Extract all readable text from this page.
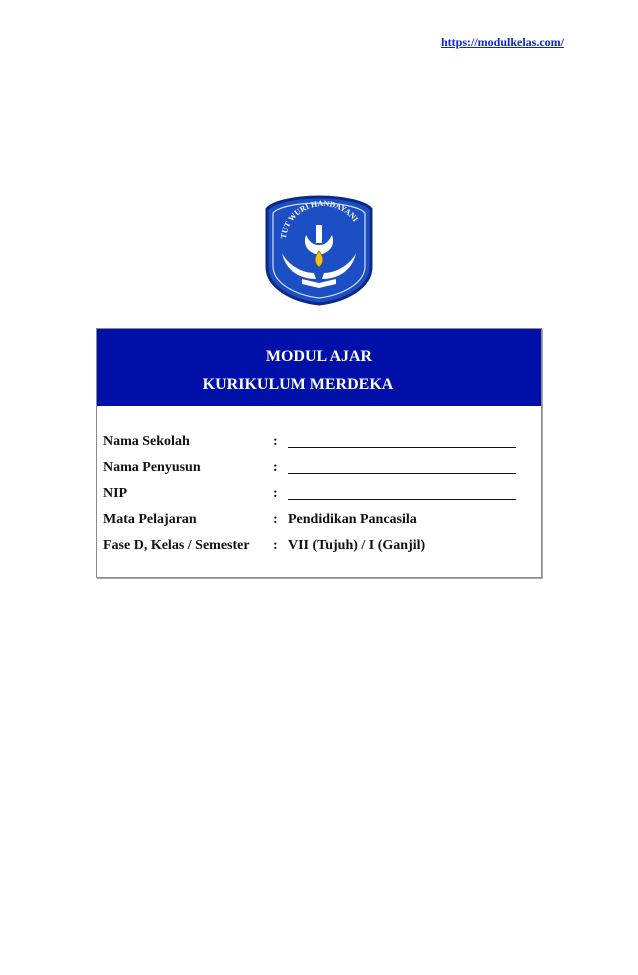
https://modulkelas.com/
TUT WURI HANDAYANI
MODUL AJAR
KURIKULUM MERDEKA
Nama Sekolah	:
Nama Penyusun	:
NIP	:
Mata Pelajaran	: Pendidikan Pancasila
Fase D, Kelas / Semester : VII (Tujuh) / I (Ganjil)
